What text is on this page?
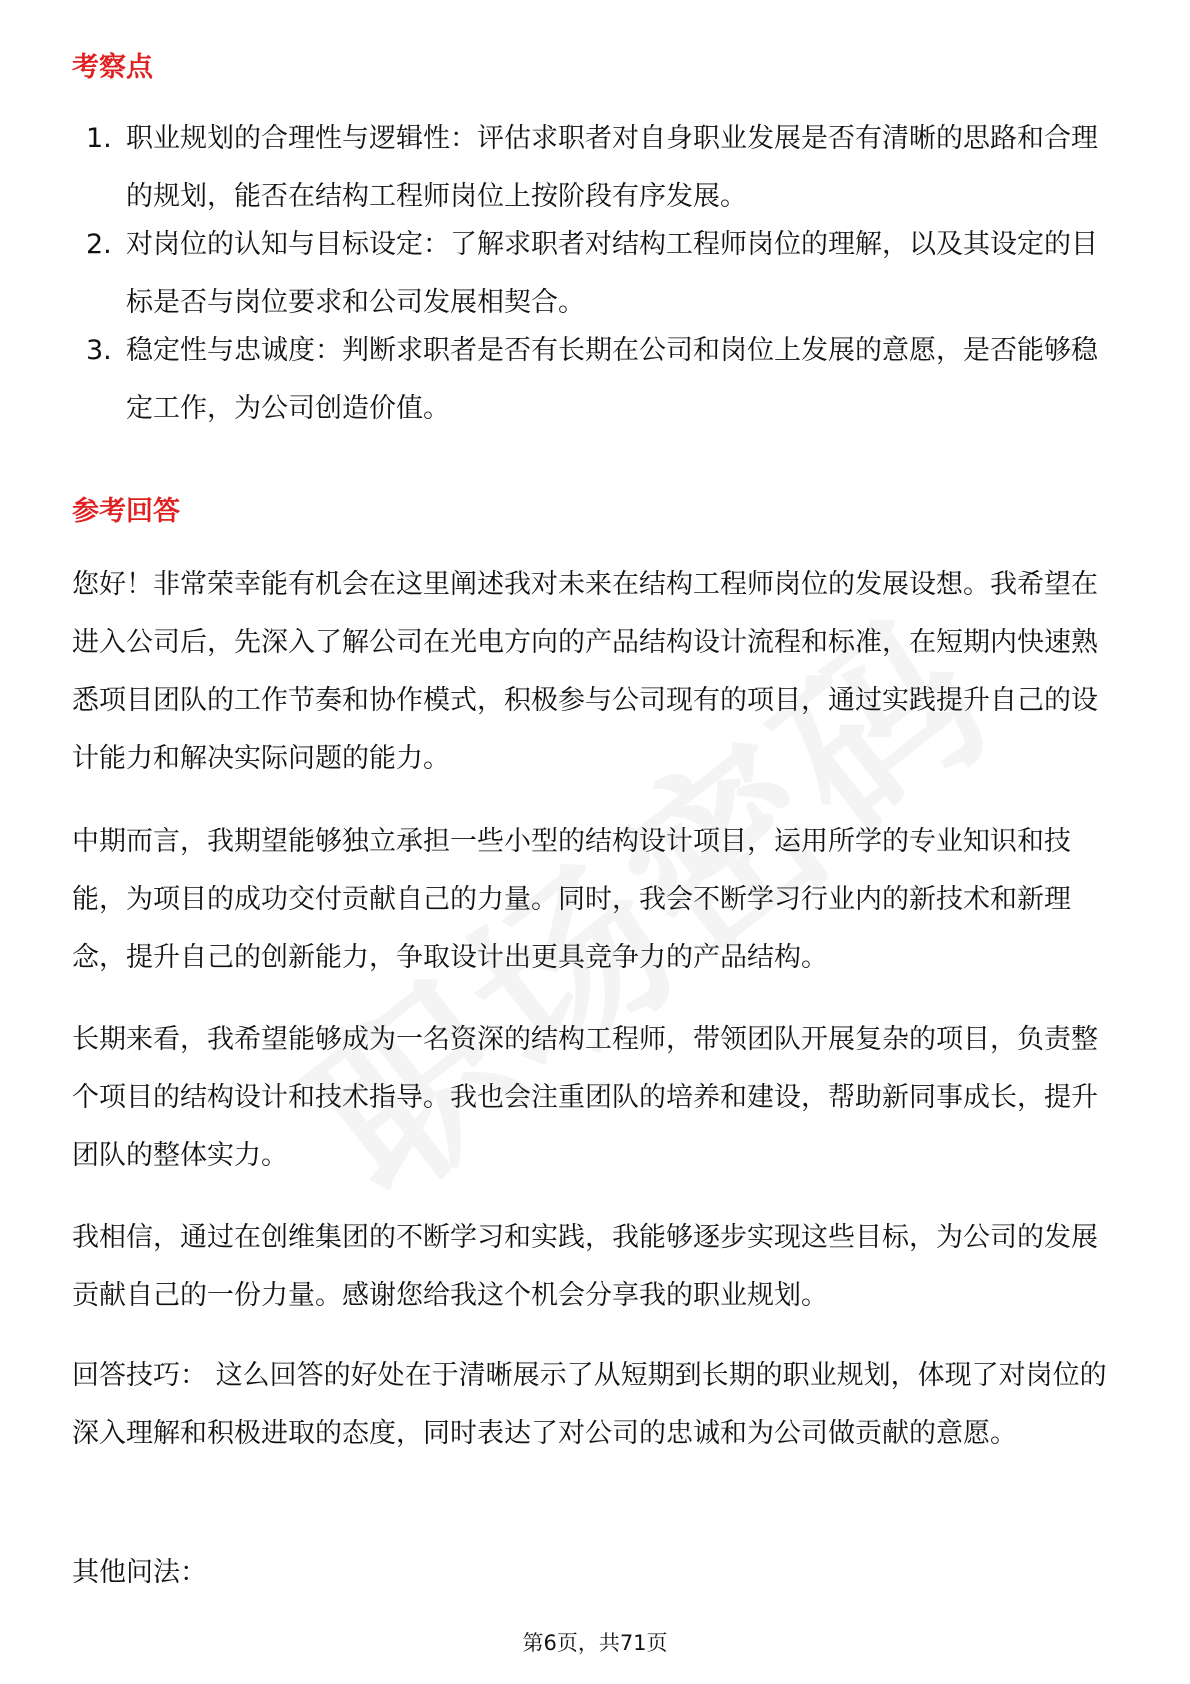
考察点
1. 职业规划的合理性与逻辑性：评估求职者对自身职业发展是否有清晰的思路和合理的规划，能否在结构工程师岗位上按阶段有序发展。
2. 对岗位的认知与目标设定：了解求职者对结构工程师岗位的理解，以及其设定的目标是否与岗位要求和公司发展相契合。
3. 稳定性与忠诚度：判断求职者是否有长期在公司和岗位上发展的意愿，是否能够稳定工作，为公司创造价值。
参考回答

您好！非常荣幸能有机会在这里阐述我对未来在结构工程师岗位的发展设想。我希望在进入公司后，先深入了解公司在光电方向的产品结构设计流程和标准，在短期内快速熟悉项目团队的工作节奏和协作模式，积极参与公司现有的项目，通过实践提升自己的设计能力和解决实际问题的能力。

中期而言，我期望能够独立承担一些小型的结构设计项目，运用所学的专业知识和技能，为项目的成功交付贡献自己的力量。同时，我会不断学习行业内的新技术和新理念，提升自己的创新能力，争取设计出更具竞争力的产品结构。

长期来看，我希望能够成为一名资深的结构工程师，带领团队开展复杂的项目，负责整个项目的结构设计和技术指导。我也会注重团队的培养和建设，帮助新同事成长，提升团队的整体实力。

我相信，通过在创维集团的不断学习和实践，我能够逐步实现这些目标，为公司的发展贡献自己的一份力量。感谢您给我这个机会分享我的职业规划。

回答技巧： 这么回答的好处在于清晰展示了从短期到长期的职业规划，体现了对岗位的深入理解和积极进取的态度，同时表达了对公司的忠诚和为公司做贡献的意愿。

其他问法：

第6页，共71页
